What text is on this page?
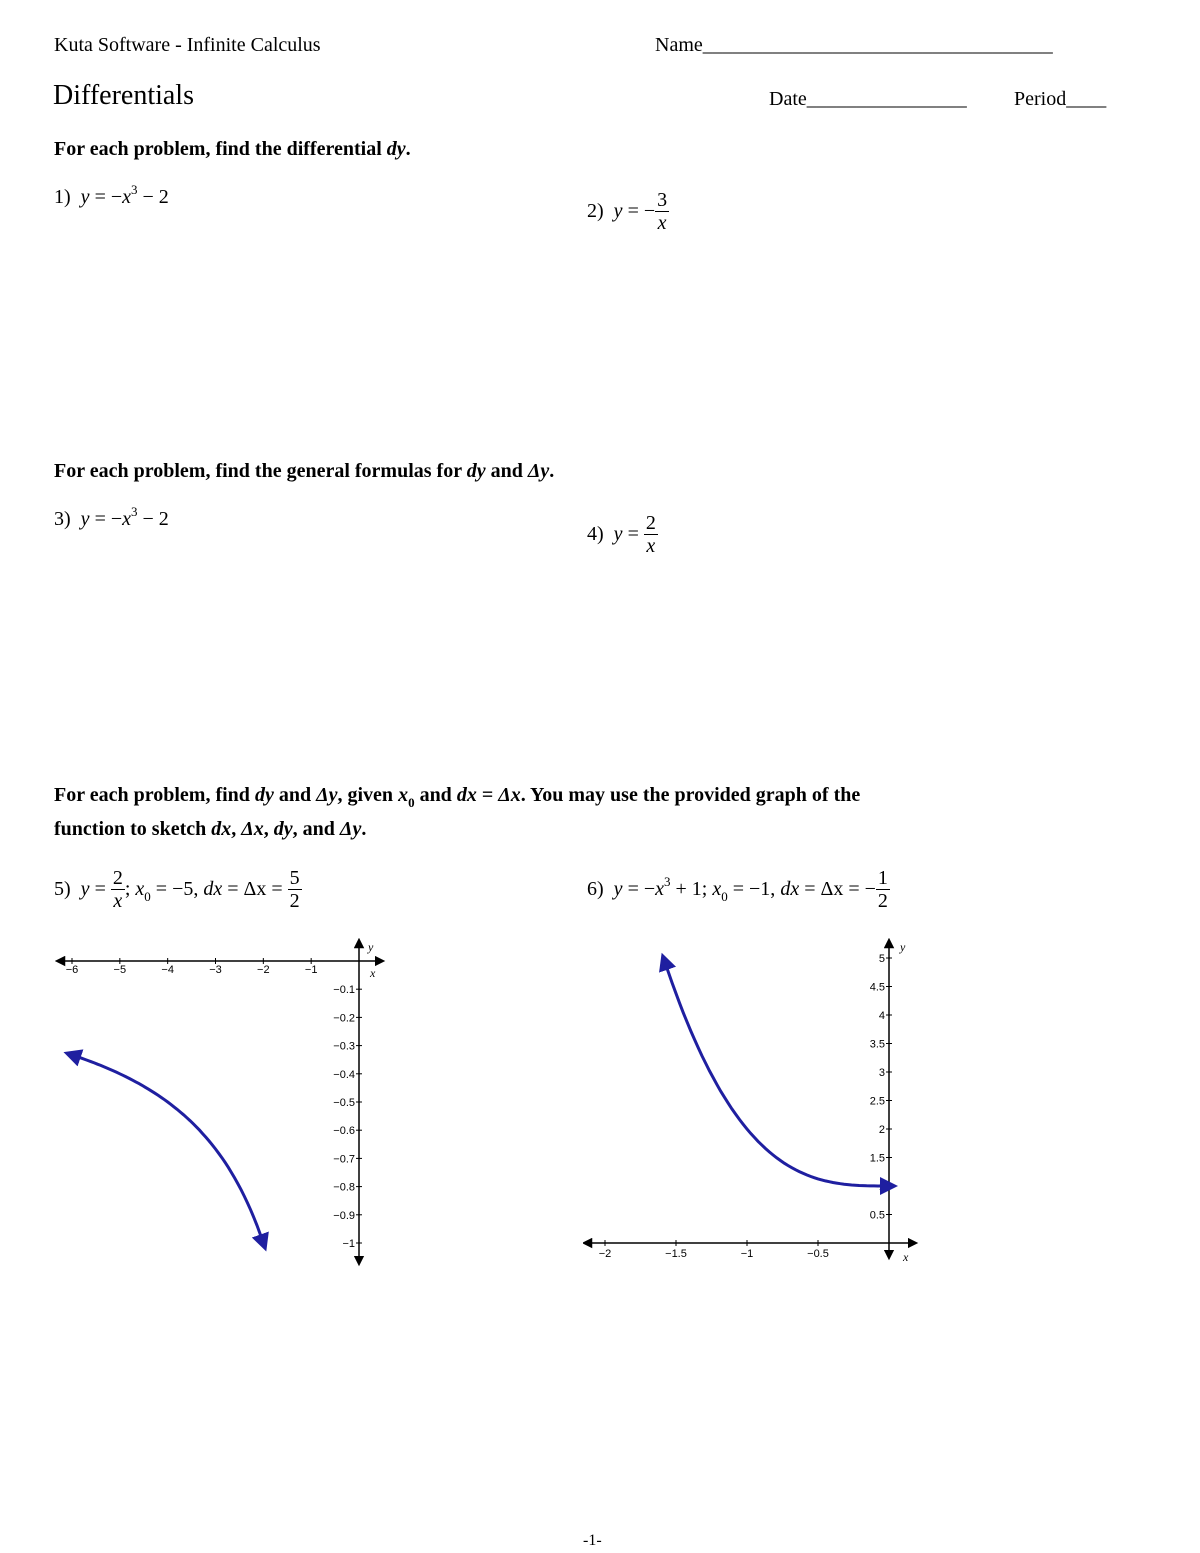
Kuta Software - Infinite Calculus	Name___________________________________
Differentials	Date________________ Period____
For each problem, find the differential dy.
1) $y = -x^3 - 2$
2) y = − $\frac{3}{x}$
For each problem, find the general formulas for dy and Δy.
3) $y = -x^3 - 2$
4) $y = \frac{2}{x}$
For each problem, find dy and Δy, given $x_0$ and dx = Δx. You may use the provided graph of the
function to sketch dx, Δx, dy, and Δy.
5) $y = \frac{2}{x}$ ; $x_0 = -5$, dx = $\Delta x = \frac{5}{2}$	6) $y = -x^3 + 1$; $x_0 = -1$, dx = Δx = − $\frac{1}{2}$
−6	−5	−4	−3	−2	−1
−0.1
−0.2
−0.3
−0.4
−0.5
−0.6
−0.7
−0.8
−0.9
−1
y
x
−2	−1.5	−1	−0.5
0.5
1
1.5
2
2.5
3
3.5
4
4.5
5
y
x
-1-
